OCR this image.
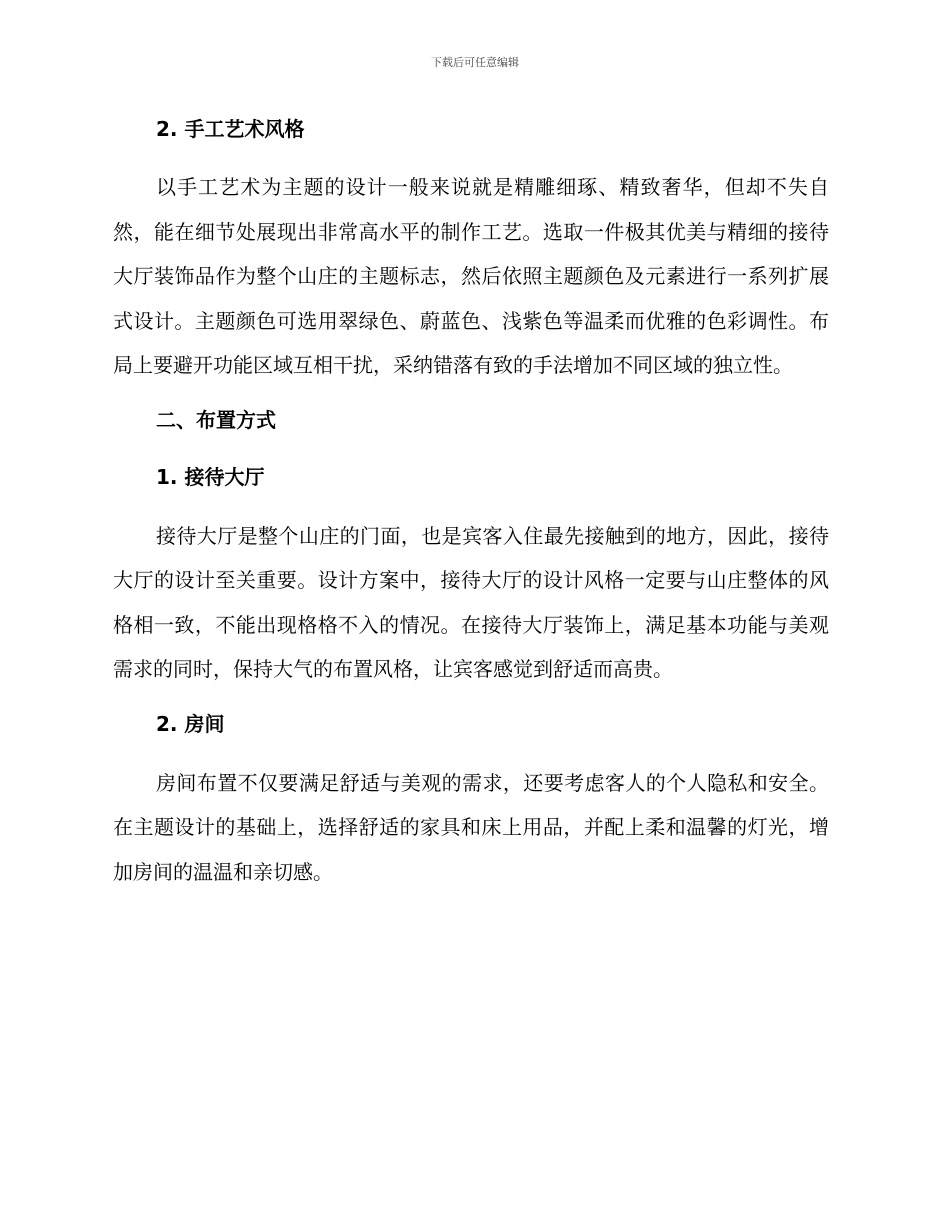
下载后可任意编辑

2. 手工艺术风格

以手工艺术为主题的设计一般来说就是精雕细琢、精致奢华，但却不失自然，能在细节处展现出非常高水平的制作工艺。选取一件极其优美与精细的接待大厅装饰品作为整个山庄的主题标志，然后依照主题颜色及元素进行一系列扩展式设计。主题颜色可选用翠绿色、蔚蓝色、浅紫色等温柔而优雅的色彩调性。布局上要避开功能区域互相干扰，采纳错落有致的手法增加不同区域的独立性。

二、布置方式

1. 接待大厅

接待大厅是整个山庄的门面，也是宾客入住最先接触到的地方，因此，接待大厅的设计至关重要。设计方案中，接待大厅的设计风格一定要与山庄整体的风格相一致，不能出现格格不入的情况。在接待大厅装饰上，满足基本功能与美观需求的同时，保持大气的布置风格，让宾客感觉到舒适而高贵。

2. 房间

房间布置不仅要满足舒适与美观的需求，还要考虑客人的个人隐私和安全。在主题设计的基础上，选择舒适的家具和床上用品，并配上柔和温馨的灯光，增加房间的温温和亲切感。
